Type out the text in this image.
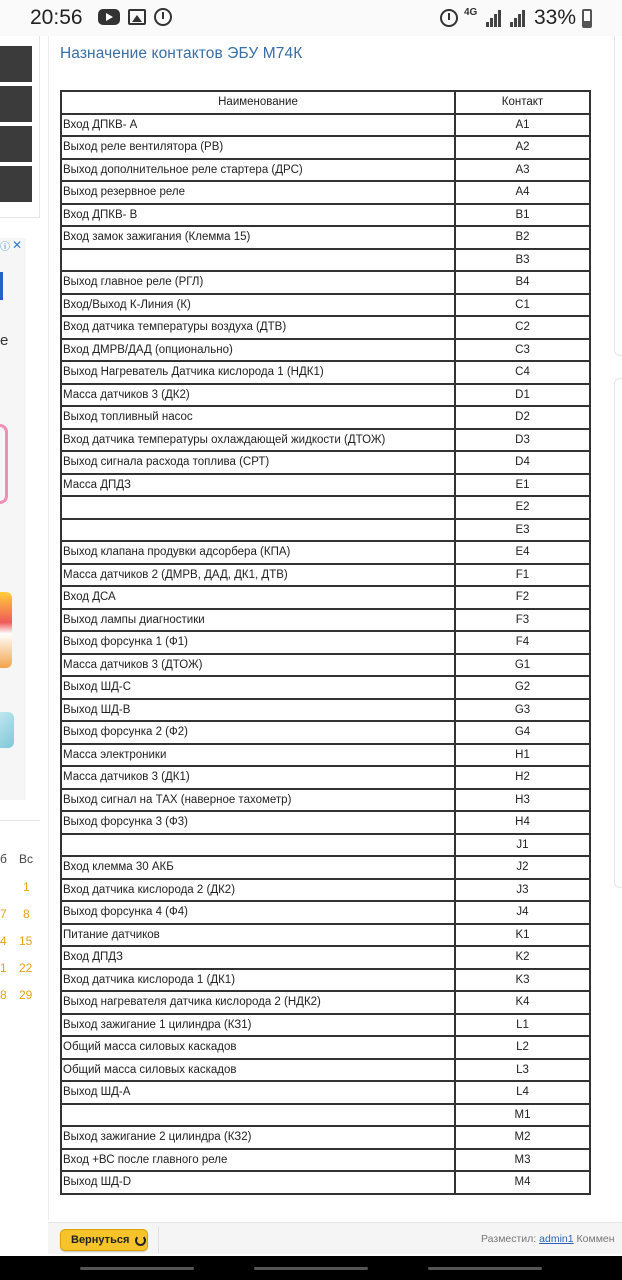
20:56	4G	33%
ⓘ ✕
e
б Вс
1
7 8
4 15
1 22
8 29
Назначение контактов ЭБУ М74К
Наименование	Контакт
Вход ДПКВ- А	A1
Выход реле вентилятора (РВ)	A2
Выход дополнительное реле стартера (ДРС)	A3
Выход резервное реле	A4
Вход ДПКВ- В	B1
Вход замок зажигания (Клемма 15)	B2
	B3
Выход главное реле (РГЛ)	B4
Вход/Выход К-Линия (К)	C1
Вход датчика температуры воздуха (ДТВ)	C2
Вход ДМРВ/ДАД (опционально)	C3
Выход Нагреватель Датчика кислорода 1 (НДК1)	C4
Масса датчиков 3 (ДК2)	D1
Выход топливный насос	D2
Вход датчика температуры охлаждающей жидкости (ДТОЖ)	D3
Выход сигнала расхода топлива (СРТ)	D4
Масса ДПДЗ	E1
	E2
	E3
Выход клапана продувки адсорбера (КПА)	E4
Масса датчиков 2 (ДМРВ, ДАД, ДК1, ДТВ)	F1
Вход ДСА	F2
Выход лампы диагностики	F3
Выход форсунка 1 (Ф1)	F4
Масса датчиков 3 (ДТОЖ)	G1
Выход ШД-С	G2
Выход ШД-В	G3
Выход форсунка 2 (Ф2)	G4
Масса электроники	H1
Масса датчиков 3 (ДК1)	H2
Выход сигнал на ТАХ (наверное тахометр)	H3
Выход форсунка 3 (Ф3)	H4
	J1
Вход клемма 30 АКБ	J2
Вход датчика кислорода 2 (ДК2)	J3
Выход форсунка 4 (Ф4)	J4
Питание датчиков	K1
Вход ДПДЗ	K2
Вход датчика кислорода 1 (ДК1)	K3
Выход нагревателя датчика кислорода 2 (НДК2)	K4
Выход зажигание 1 цилиндра (КЗ1)	L1
Общий масса силовых каскадов	L2
Общий масса силовых каскадов	L3
Выход ШД-А	L4
	M1
Выход зажигание 2 цилиндра (КЗ2)	M2
Вход +ВС после главного реле	M3
Выход ШД-D	M4
Вернуться	Разместил: admin1 Коммен
